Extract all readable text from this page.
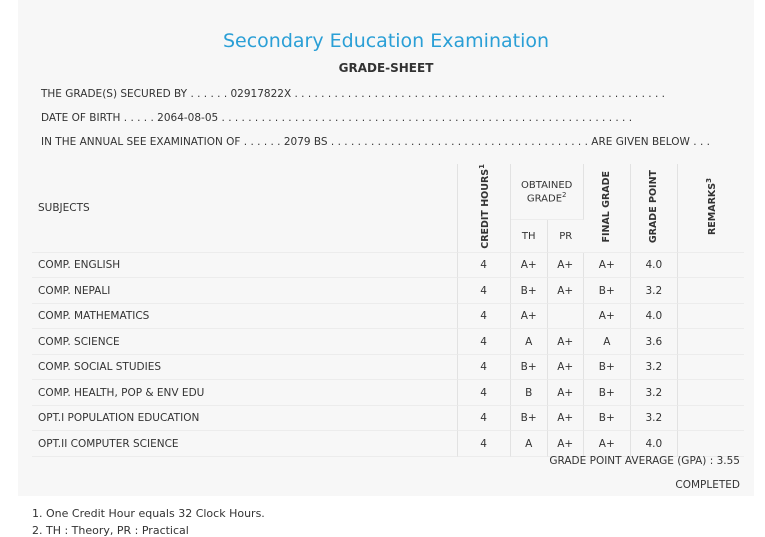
Secondary Education Examination
GRADE-SHEET
THE GRADE(S) SECURED BY . . . . . . 02917822X . . . . . . . . . . . . . . . . . . . . . . . . . . . . . . . . . . . . . . . . . . . . . . . . . . . . . . . .
DATE OF BIRTH . . . . . 2064-08-05 . . . . . . . . . . . . . . . . . . . . . . . . . . . . . . . . . . . . . . . . . . . . . . . . . . . . . . . . . . . . . .
IN THE ANNUAL SEE EXAMINATION OF . . . . . . 2079 BS . . . . . . . . . . . . . . . . . . . . . . . . . . . . . . . . . . . . . . . ARE GIVEN BELOW . . .
SUBJECTS	CREDIT HOURS$^1$	OBTAINED GRADE$^2$		FINAL GRADE	GRADE POINT	REMARKS$^3$
		TH	PR			
COMP. ENGLISH	4	A+	A+	A+	4.0	
COMP. NEPALI	4	B+	A+	B+	3.2	
COMP. MATHEMATICS	4	A+		A+	4.0	
COMP. SCIENCE	4	A	A+	A	3.6	
COMP. SOCIAL STUDIES	4	B+	A+	B+	3.2	
COMP. HEALTH, POP & ENV EDU	4	B	A+	B+	3.2	
OPT.I POPULATION EDUCATION	4	B+	A+	B+	3.2	
OPT.II COMPUTER SCIENCE	4	A	A+	A+	4.0	
GRADE POINT AVERAGE (GPA) : 3.55
COMPLETED
1. One Credit Hour equals 32 Clock Hours.
2. TH : Theory, PR : Practical
